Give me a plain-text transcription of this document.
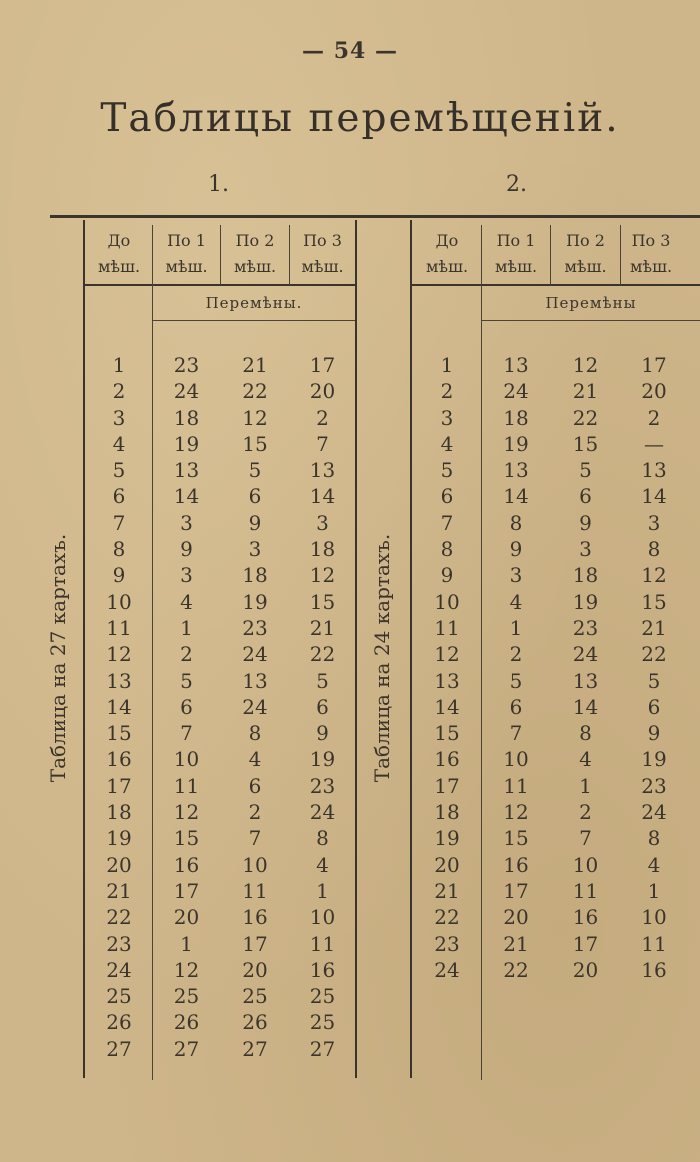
— 54 —
Таблицы перемѣщеній.
1.	2.
До
мѣш.
По 1
мѣш.
По 2
мѣш.
По 3
мѣш.
Перемѣны.
До
мѣш.
По 1
мѣш.
По 2
мѣш.
По 3
мѣш.
Перемѣны
Таблица на 27 картахъ.	Таблица на 24 картахъ.
1
2
3
4
5
6
7
8
9
10
11
12
13
14
15
16
17
18
19
20
21
22
23
24
25
26
27
23
24
18
19
13
14
3
9
3
4
1
2
5
6
7
10
11
12
15
16
17
20
1
12
25
26
27
21
22
12
15
5
6
9
3
18
19
23
24
13
24
8
4
6
2
7
10
11
16
17
20
25
26
27
17
20
2
7
13
14
3
18
12
15
21
22
5
6
9
19
23
24
8
4
1
10
11
16
25
25
27
1
2
3
4
5
6
7
8
9
10
11
12
13
14
15
16
17
18
19
20
21
22
23
24
13
24
18
19
13
14
8
9
3
4
1
2
5
6
7
10
11
12
15
16
17
20
21
22
12
21
22
15
5
6
9
3
18
19
23
24
13
14
8
4
1
2
7
10
11
16
17
20
17
20
2
—
13
14
3
8
12
15
21
22
5
6
9
19
23
24
8
4
1
10
11
16
